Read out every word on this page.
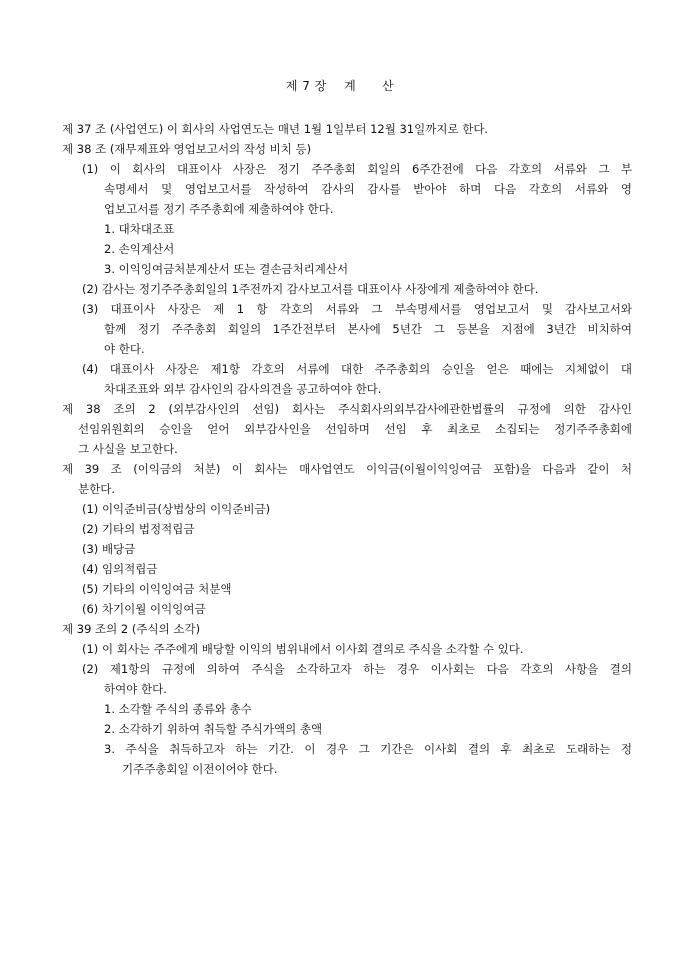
제 7 장    계      산
제 37 조 (사업연도) 이 회사의 사업연도는 매년 1월 1일부터 12월 31일까지로 한다.
제 38 조 (재무제표와 영업보고서의 작성 비치 등)
(1) 이 회사의 대표이사 사장은 정기 주주총회 회일의 6주간전에 다음 각호의 서류와 그 부
속명세서 및 영업보고서를 작성하여 감사의 감사를 받아야 하며 다음 각호의 서류와 영
업보고서를 정기 주주총회에 제출하여야 한다.
1. 대차대조표
2. 손익계산서
3. 이익잉여금처분계산서 또는 결손금처리계산서
(2) 감사는 정기주주총회일의 1주전까지 감사보고서를 대표이사 사장에게 제출하여야 한다.
(3) 대표이사 사장은 제 1 항 각호의 서류와 그 부속명세서를 영업보고서 및 감사보고서와
함께 정기 주주총회 회일의 1주간전부터 본사에 5년간 그 등본을 지점에 3년간 비치하여
야 한다.
(4) 대표이사 사장은 제1항 각호의 서류에 대한 주주총회의 승인을 얻은 때에는 지체없이 대
차대조표와 외부 감사인의 감사의견을 공고하여야 한다.
제 38 조의 2 (외부감사인의 선임) 회사는 주식회사의외부감사에관한법률의 규정에 의한 감사인
선임위원회의 승인을 얻어 외부감사인을 선임하며 선임 후 최초로 소집되는 정기주주총회에
그 사실을 보고한다.
제 39 조 (이익금의 처분) 이 회사는 매사업연도 이익금(이월이익잉여금 포함)을 다음과 같이 처
분한다.
(1) 이익준비금(상법상의 이익준비금)
(2) 기타의 법정적립금
(3) 배당금
(4) 임의적립금
(5) 기타의 이익잉여금 처분액
(6) 차기이월 이익잉여금
제 39 조의 2 (주식의 소각)
(1) 이 회사는 주주에게 배당할 이익의 범위내에서 이사회 결의로 주식을 소각할 수 있다.
(2) 제1항의 규정에 의하여 주식을 소각하고자 하는 경우 이사회는 다음 각호의 사항을 결의
하여야 한다.
1. 소각할 주식의 종류와 총수
2. 소각하기 위하여 취득할 주식가액의 총액
3. 주식을 취득하고자 하는 기간. 이 경우 그 기간은 이사회 결의 후 최초로 도래하는 정
기주주총회일 이전이어야 한다.
